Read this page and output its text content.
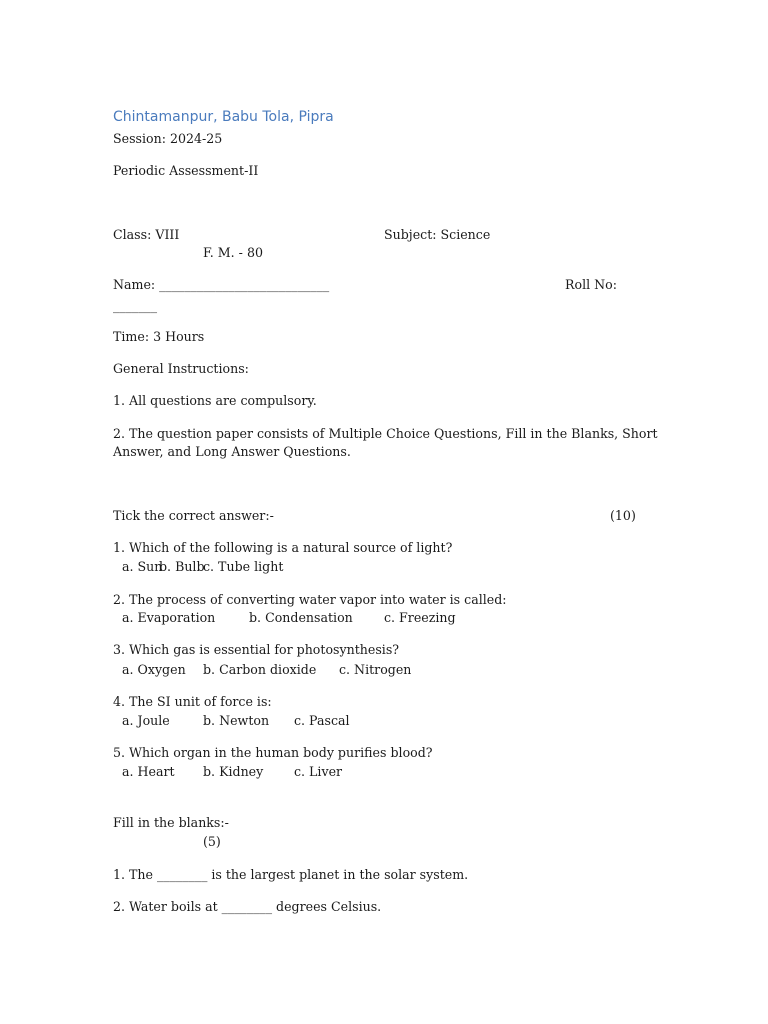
Chintamanpur, Babu Tola, Pipra
Session: 2024-25
Periodic Assessment-II
Class: VIII	Subject: Science
F. M. - 80
Name: ___________________________	Roll No:
_______
Time: 3 Hours
General Instructions:
1. All questions are compulsory.
2. The question paper consists of Multiple Choice Questions, Fill in the Blanks, Short
Answer, and Long Answer Questions.
Tick the correct answer:-	(10)
1. Which of the following is a natural source of light?
a. Sun
b. Bulb
c. Tube light
2. The process of converting water vapor into water is called:
a. Evaporation	b. Condensation c. Freezing
3. Which gas is essential for photosynthesis?
a. Oxygen b. Carbon dioxide c. Nitrogen
4. The SI unit of force is:
a. Joule	b. Newton c. Pascal
5. Which organ in the human body purifies blood?
a. Heart b. Kidney c. Liver
Fill in the blanks:-
(5)
1. The ________ is the largest planet in the solar system.
2. Water boils at ________ degrees Celsius.
